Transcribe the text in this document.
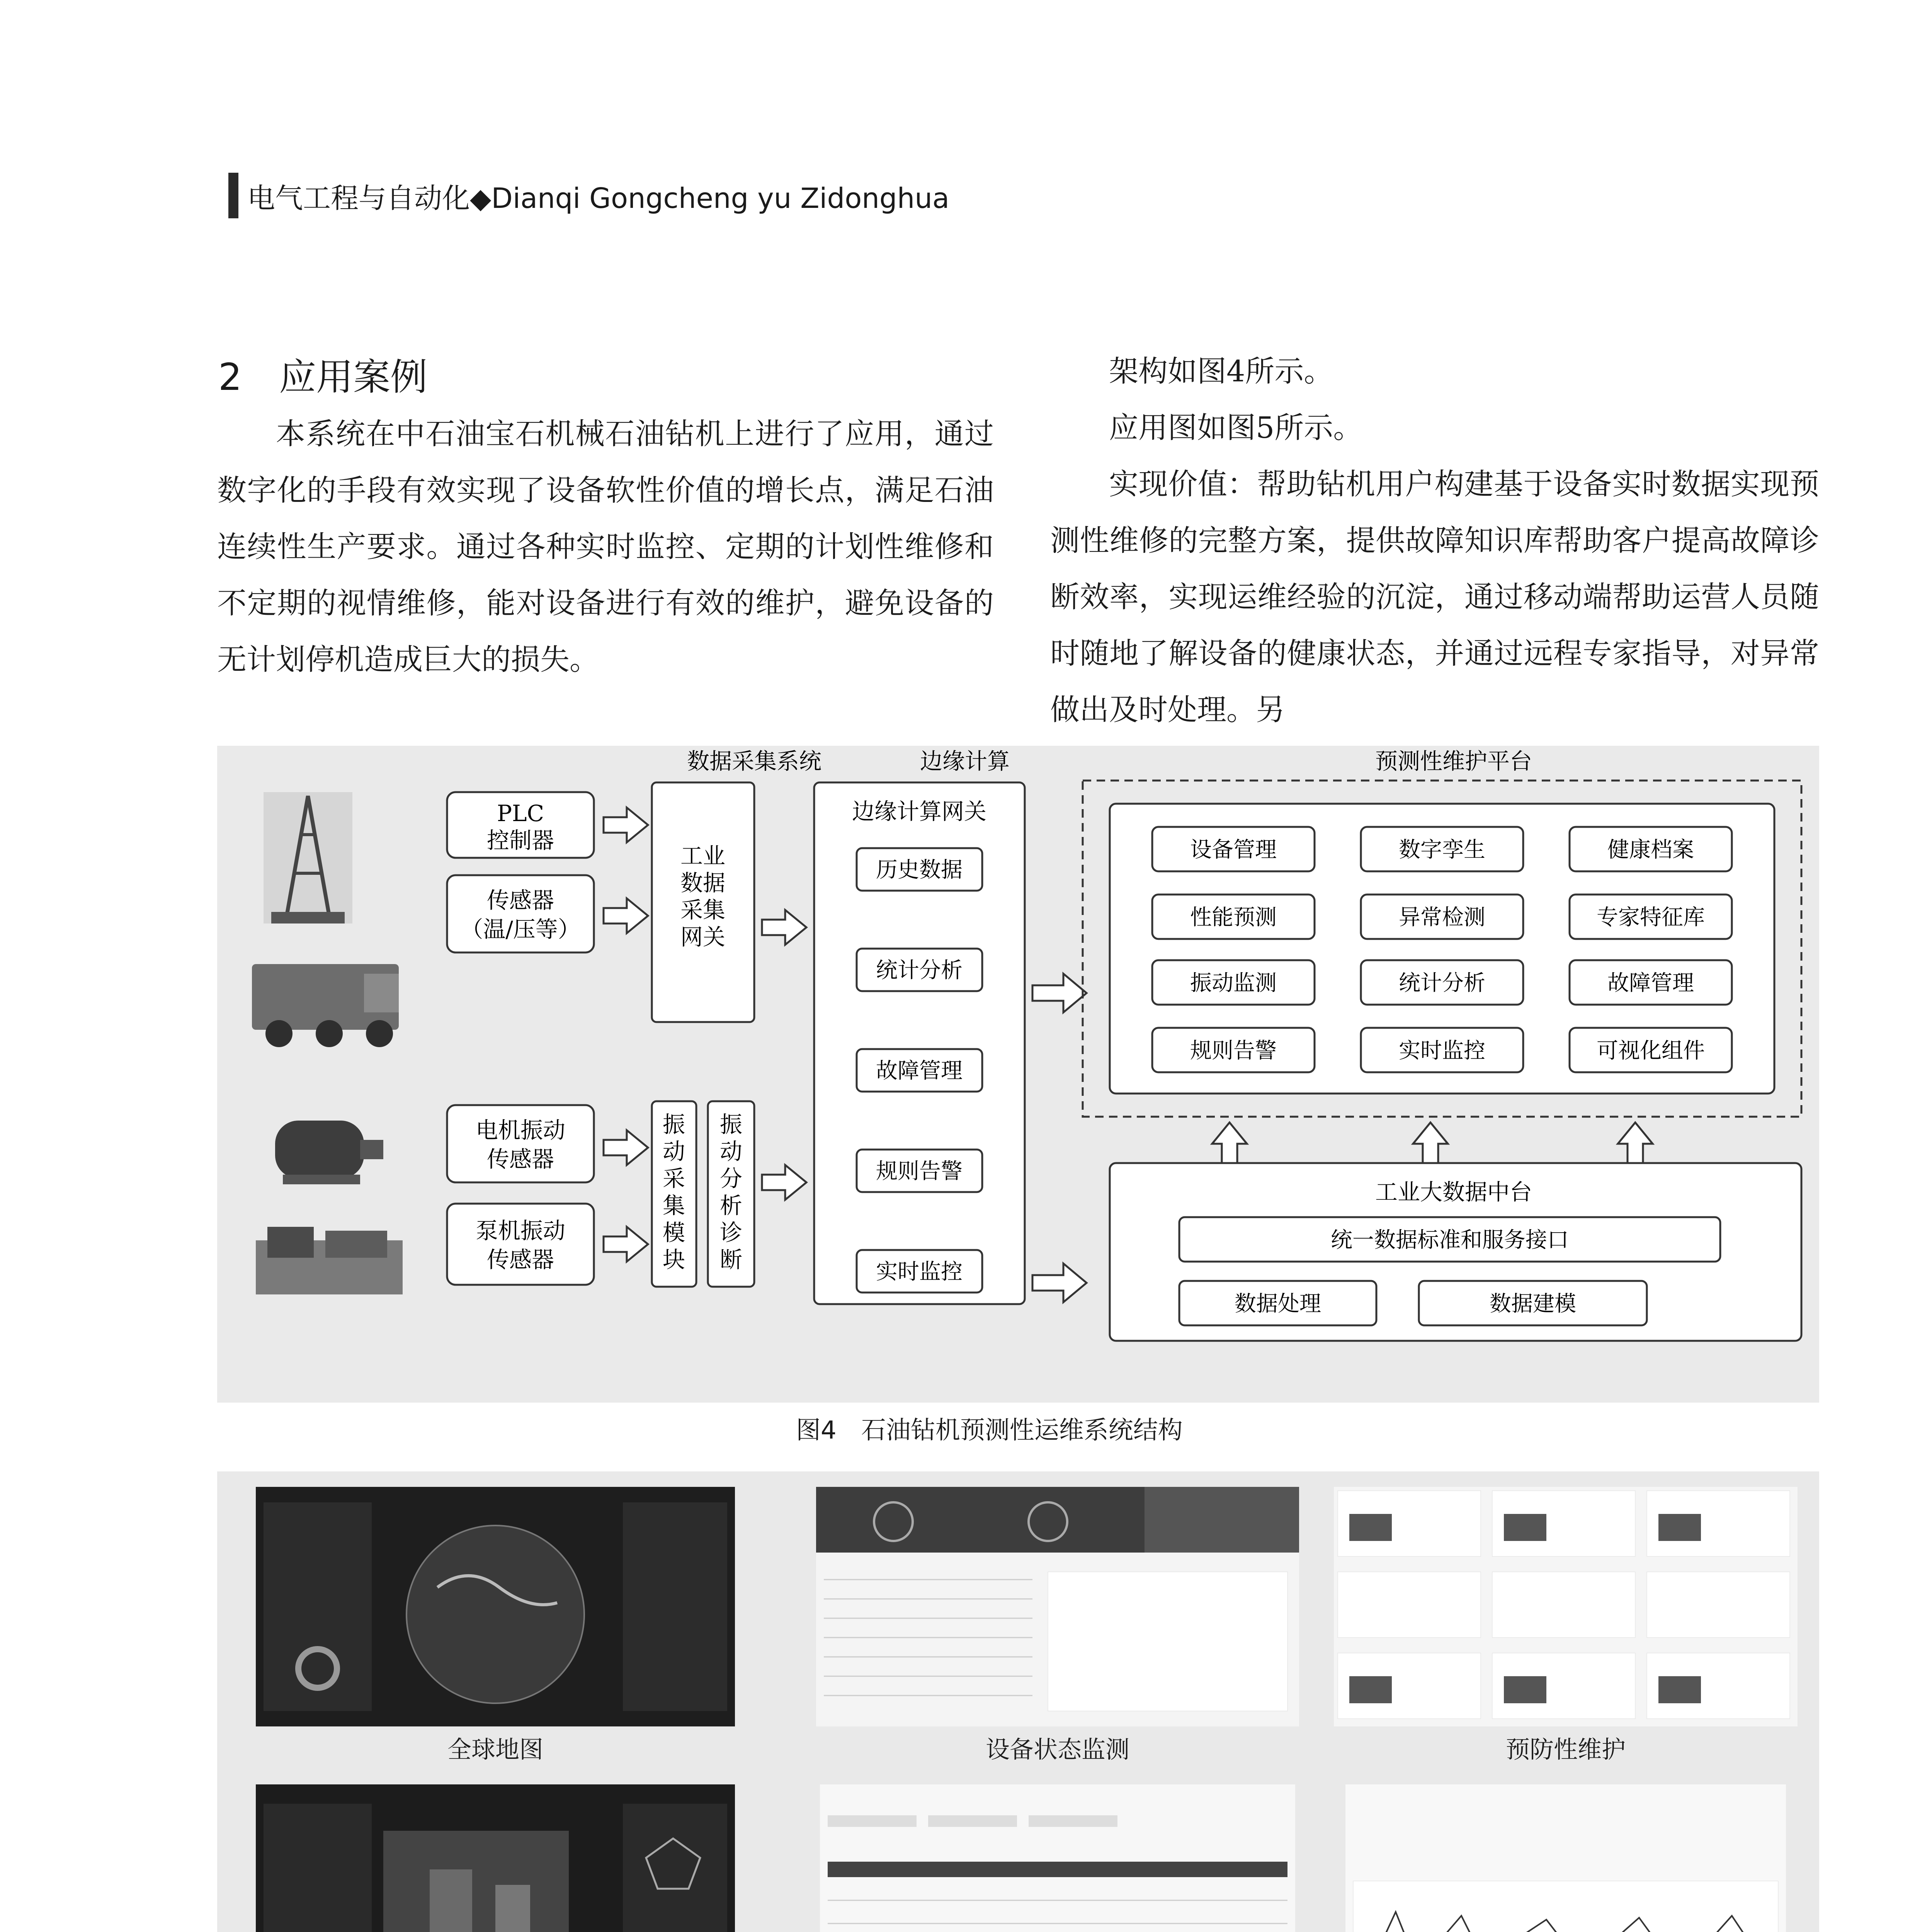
电气工程与自动化◆Dianqi Gongcheng yu Zidonghua
2　应用案例
本系统在中石油宝石机械石油钻机上进行了应用，通过数字化的手段有效实现了设备软性价值的增长点，满足石油连续性生产要求。通过各种实时监控、定期的计划性维修和不定期的视情维修，能对设备进行有效的维护，避免设备的无计划停机造成巨大的损失。
架构如图4所示。
应用图如图5所示。
实现价值：帮助钻机用户构建基于设备实时数据实现预测性维修的完整方案，提供故障知识库帮助客户提高故障诊断效率，实现运维经验的沉淀，通过移动端帮助运营人员随时随地了解设备的健康状态，并通过远程专家指导，对异常做出及时处理。另
数据采集系统	边缘计算	预测性维护平台
PLC
控制器
传感器
（温/压等）
电机振动
传感器
泵机振动
传感器
工业
数据
采集
网关
振
动
采
集
模
块
振
动
分
析
诊
断
边缘计算网关
历史数据
统计分析
故障管理
规则告警
实时监控
设备管理	数字孪生	健康档案
性能预测	异常检测	专家特征库
振动监测	统计分析	故障管理
规则告警	实时监控	可视化组件
工业大数据中台
统一数据标准和服务接口
数据处理	数据建模
图4　石油钻机预测性运维系统结构
全球地图	设备状态监测	预防性维护
